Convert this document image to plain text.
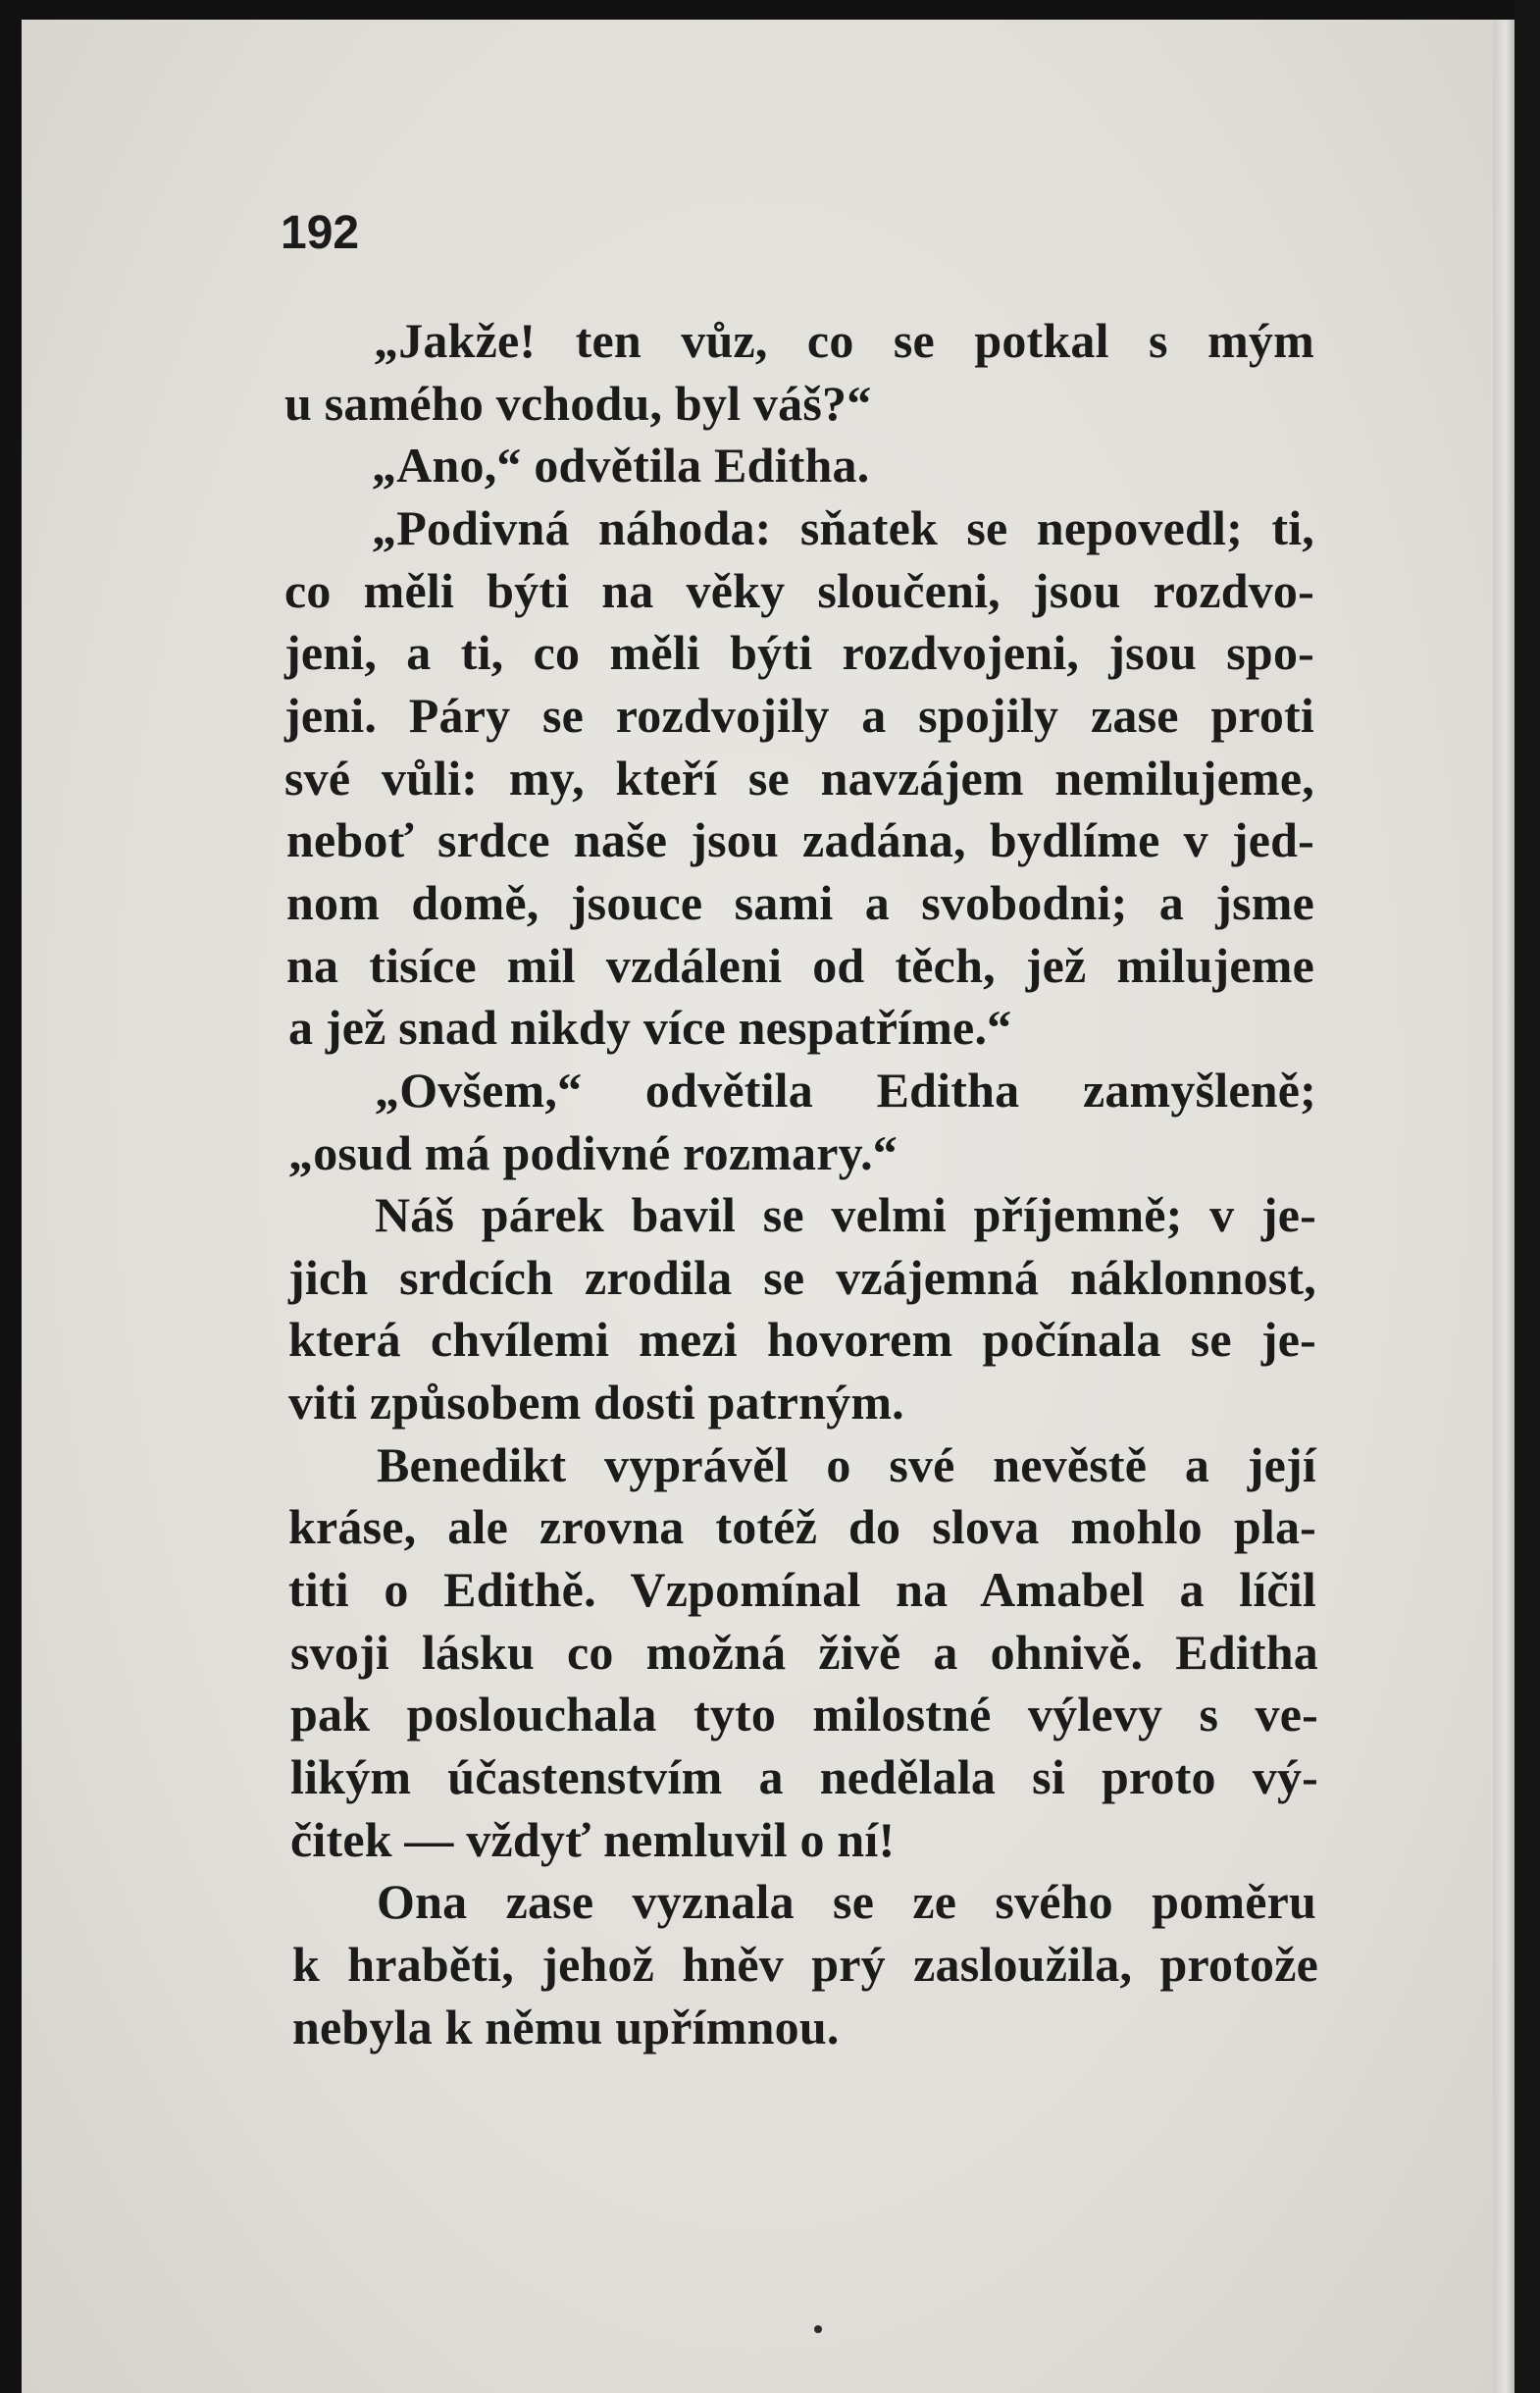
192
„Jakže! ten vůz, co se potkal s mým
u samého vchodu, byl váš?“
„Ano,“ odvětila Editha.
„Podivná náhoda: sňatek se nepovedl; ti,
co měli býti na věky sloučeni, jsou rozdvo-
jeni, a ti, co měli býti rozdvojeni, jsou spo-
jeni. Páry se rozdvojily a spojily zase proti
své vůli: my, kteří se navzájem nemilujeme,
neboť srdce naše jsou zadána, bydlíme v jed-
nom domě, jsouce sami a svobodni; a jsme
na tisíce mil vzdáleni od těch, jež milujeme
a jež snad nikdy více nespatříme.“
„Ovšem,“ odvětila Editha zamyšleně;
„osud má podivné rozmary.“
Náš párek bavil se velmi příjemně; v je-
jich srdcích zrodila se vzájemná náklonnost,
která chvílemi mezi hovorem počínala se je-
viti způsobem dosti patrným.
Benedikt vyprávěl o své nevěstě a její
kráse, ale zrovna totéž do slova mohlo pla-
titi o Edithě. Vzpomínal na Amabel a líčil
svoji lásku co možná živě a ohnivě. Editha
pak poslouchala tyto milostné výlevy s ve-
likým účastenstvím a nedělala si proto vý-
čitek — vždyť nemluvil o ní!
Ona zase vyznala se ze svého poměru
k hraběti, jehož hněv prý zasloužila, protože
nebyla k němu upřímnou.
